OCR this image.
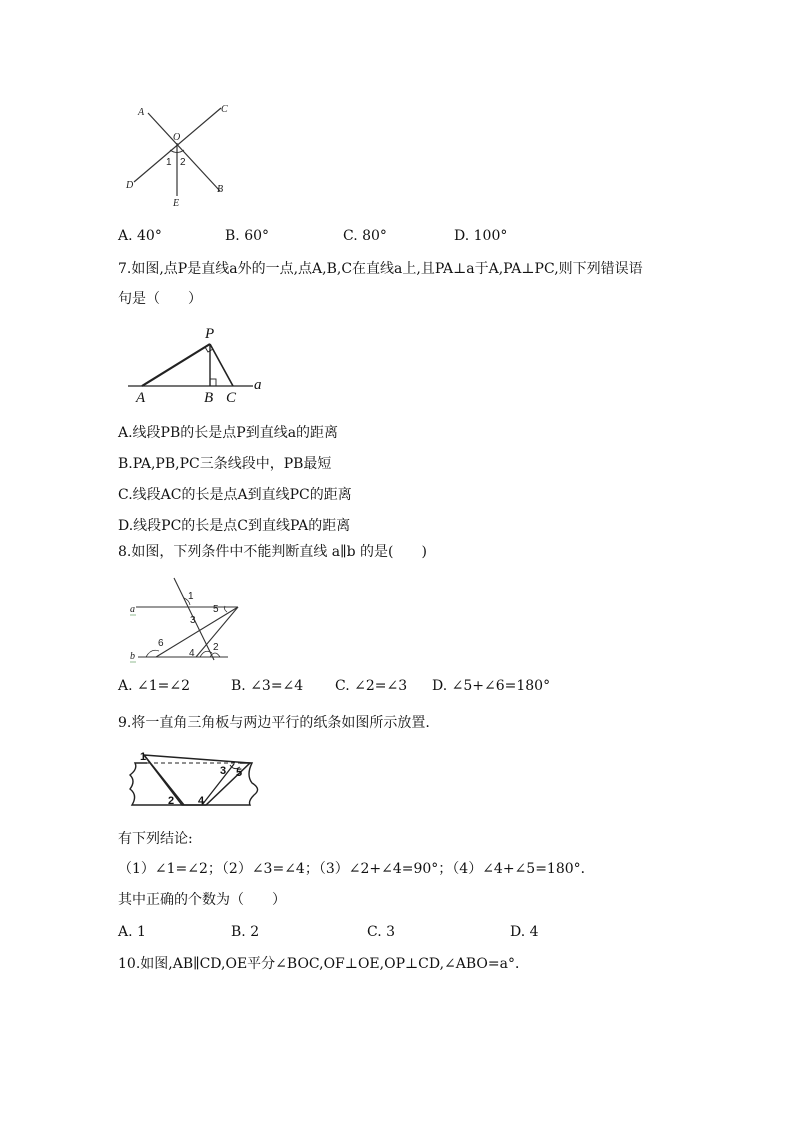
A	C
O
D	B
E
1 2
A. 40°	B. 60°	C. 80°	D. 100°
7.如图,点P是直线a外的一点,点A,B,C在直线a上,且PA⊥a于A,PA⊥PC,则下列错误语
句是（　　）
P
A	B C
a
A.线段PB的长是点P到直线a的距离
B.PA,PB,PC三条线段中，PB最短
C.线段AC的长是点A到直线PC的距离
D.线段PC的长是点C到直线PA的距离
8.如图，下列条件中不能判断直线 a∥b 的是(　　)
a
b
1
3
5
6
4
2
A. ∠1=∠2	B. ∠3=∠4 C. ∠2=∠3 D. ∠5+∠6=180°
9.将一直角三角板与两边平行的纸条如图所示放置.
1
2
3
4
5
有下列结论:
（1）∠1=∠2；（2）∠3=∠4；（3）∠2+∠4=90°；（4）∠4+∠5=180°．
其中正确的个数为（　　）
A. 1	B. 2	C. 3	D. 4
10.如图,AB∥CD,OE平分∠BOC,OF⊥OE,OP⊥CD,∠ABO=a°．
